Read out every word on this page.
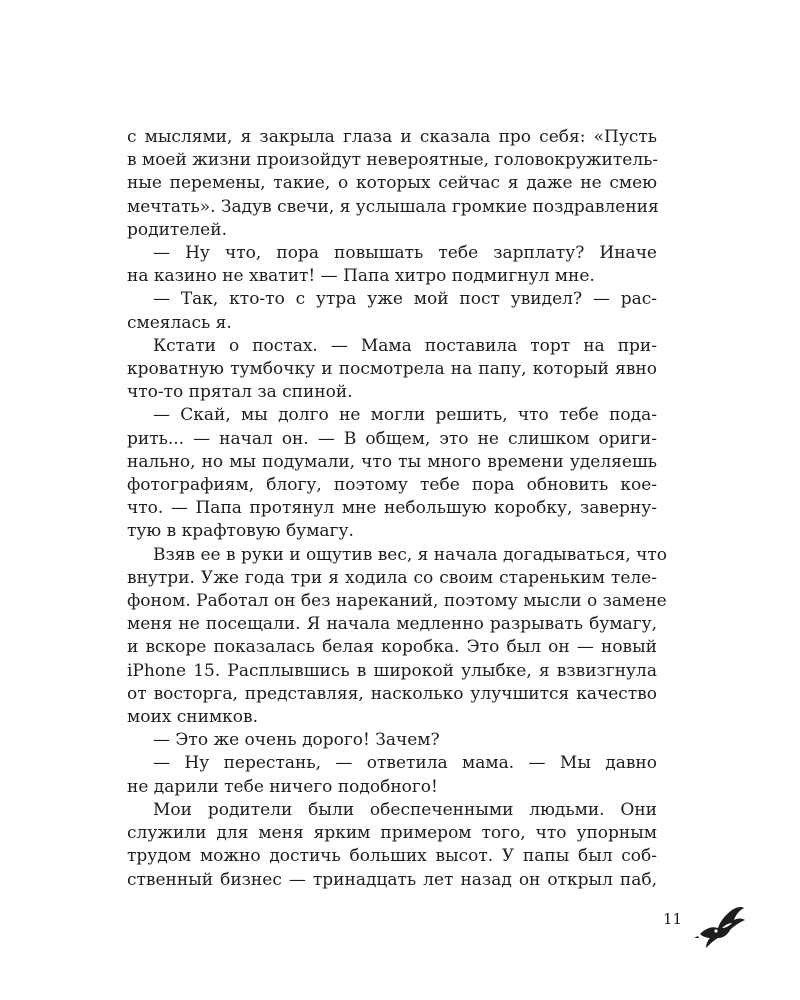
с мыслями, я закрыла глаза и сказала про себя: «Пусть
в моей жизни произойдут невероятные, головокружитель-
ные перемены, такие, о которых сейчас я даже не смею
мечтать». Задув свечи, я услышала громкие поздравления
родителей.

— Ну что, пора повышать тебе зарплату? Иначе
на казино не хватит! — Папа хитро подмигнул мне.

— Так, кто-то с утра уже мой пост увидел? — рас-
смеялась я.

Кстати о постах. — Мама поставила торт на при-
кроватную тумбочку и посмотрела на папу, который явно
что-то прятал за спиной.

— Скай, мы долго не могли решить, что тебе пода-
рить... — начал он. — В общем, это не слишком ориги-
нально, но мы подумали, что ты много времени уделяешь
фотографиям, блогу, поэтому тебе пора обновить кое-
что. — Папа протянул мне небольшую коробку, заверну-
тую в крафтовую бумагу.

Взяв ее в руки и ощутив вес, я начала догадываться, что
внутри. Уже года три я ходила со своим стареньким теле-
фоном. Работал он без нареканий, поэтому мысли о замене
меня не посещали. Я начала медленно разрывать бумагу,
и вскоре показалась белая коробка. Это был он — новый
iPhone 15. Расплывшись в широкой улыбке, я взвизгнула
от восторга, представляя, насколько улучшится качество
моих снимков.

— Это же очень дорого! Зачем?

— Ну перестань, — ответила мама. — Мы давно
не дарили тебе ничего подобного!

Мои родители были обеспеченными людьми. Они
служили для меня ярким примером того, что упорным
трудом можно достичь больших высот. У папы был соб-
ственный бизнес — тринадцать лет назад он открыл паб,

11
